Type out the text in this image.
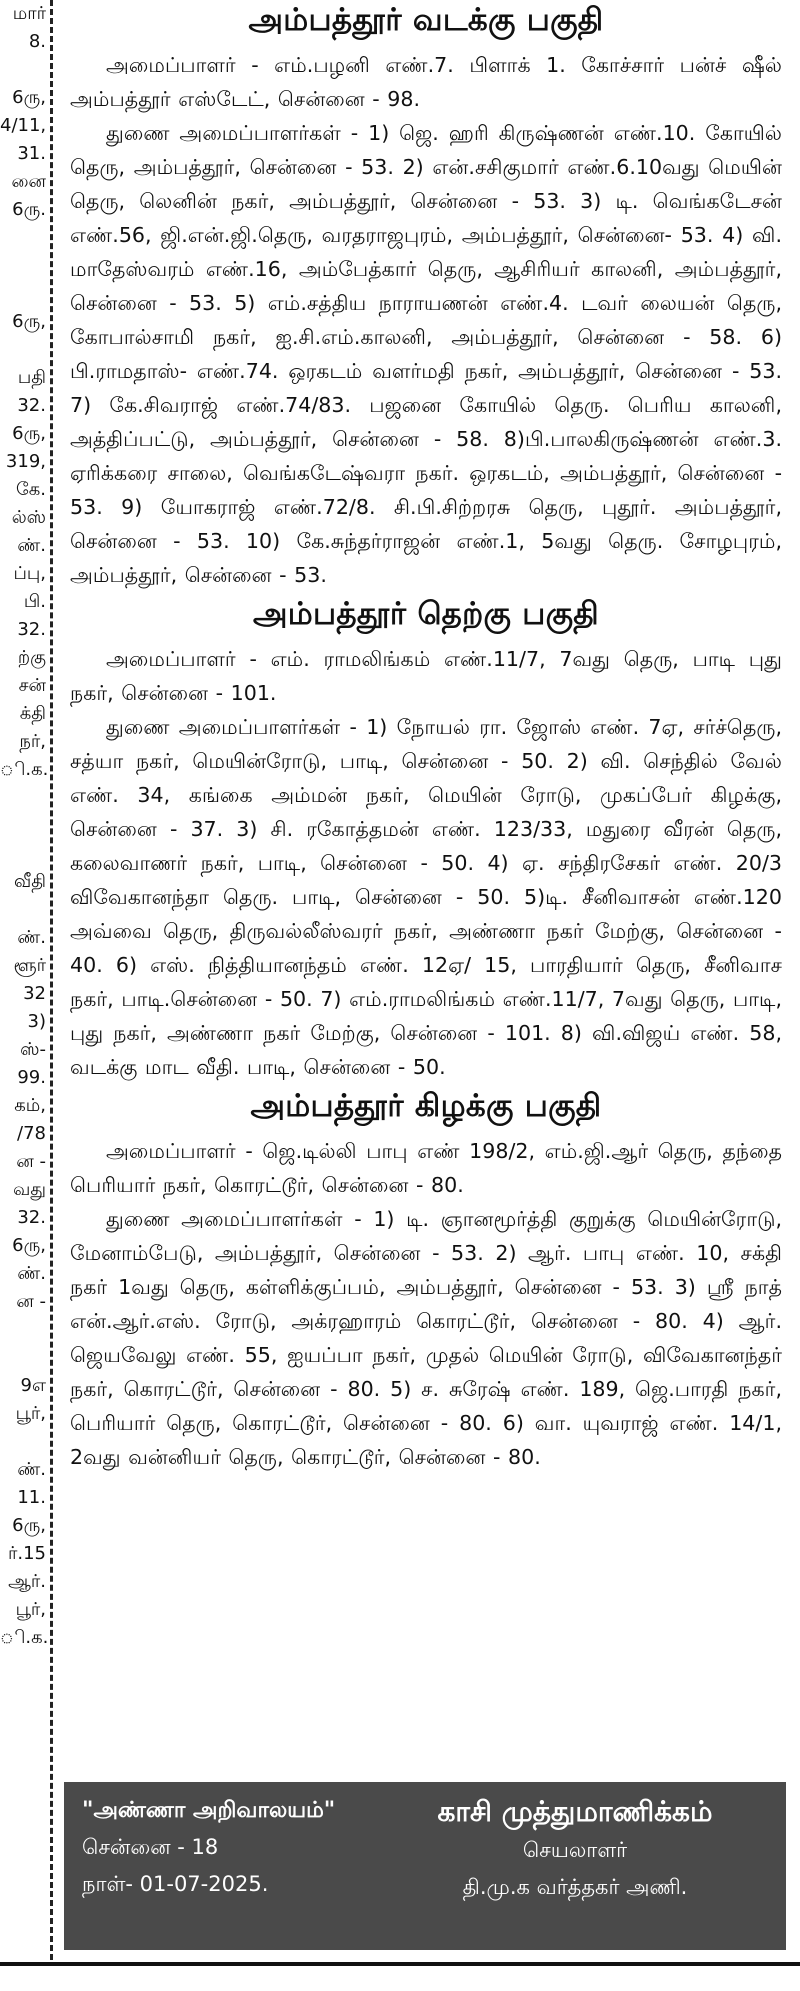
மார்
8.
6ரு,
4/11,
31.
னை
6ரு.
6ரு,
பதி
32.
6ரு,
319,
கே.
ல்ஸ்
ண்.
ப்பு,
பி.
32.
ற்கு
சன்
க்தி
நர்,
ி.க.
வீதி
ண்.
ளூர்
32
3)
ஸ்-
99.
கம்,
/78
ன -
வது
32.
6ரு,
ண்.
ன -
9எ
பூர்,
ண்.
11.
6ரு,
ர்.15
ஆர்.
பூர்,
ி.க.
அம்பத்தூர் வடக்கு பகுதி

அமைப்பாளர் - எம்.பழனி எண்.7. பிளாக் 1. கோச்சார் பன்ச் ஷீல் அம்பத்தூர் எஸ்டேட், சென்னை - 98.

துணை அமைப்பாளர்கள் - 1) ஜெ. ஹரி கிருஷ்ணன் எண்.10. கோயில் தெரு, அம்பத்தூர், சென்னை - 53. 2) என்.சசிகுமார் எண்.6.10வது மெயின் தெரு, லெனின் நகர், அம்பத்தூர், சென்னை - 53. 3) டி. வெங்கடேசன் எண்.56, ஜி.என்.ஜி.தெரு, வரதராஜபுரம், அம்பத்தூர், சென்னை- 53. 4) வி. மாதேஸ்வரம் எண்.16, அம்பேத்கார் தெரு, ஆசிரியர் காலனி, அம்பத்தூர், சென்னை - 53. 5) எம்.சத்திய நாராயணன் எண்.4. டவர் லையன் தெரு, கோபால்சாமி நகர், ஐ.சி.எம்.காலனி, அம்பத்தூர், சென்னை - 58. 6) பி.ராமதாஸ்- எண்.74. ஒரகடம் வளர்மதி நகர், அம்பத்தூர், சென்னை - 53. 7) கே.சிவராஜ் எண்.74/83. பஜனை கோயில் தெரு. பெரிய காலனி, அத்திப்பட்டு, அம்பத்தூர், சென்னை - 58. 8)பி.பாலகிருஷ்ணன் எண்.3. ஏரிக்கரை சாலை, வெங்கடேஷ்வரா நகர். ஒரகடம், அம்பத்தூர், சென்னை - 53. 9) யோகராஜ் எண்.72/8. சி.பி.சிற்றரசு தெரு, புதூர். அம்பத்தூர், சென்னை - 53. 10) கே.சுந்தர்ராஜன் எண்.1, 5வது தெரு. சோழபுரம், அம்பத்தூர், சென்னை - 53.

அம்பத்தூர் தெற்கு பகுதி

அமைப்பாளர் - எம். ராமலிங்கம் எண்.11/7, 7வது தெரு, பாடி புது நகர், சென்னை - 101.

துணை அமைப்பாளர்கள் - 1) நோயல் ரா. ஜோஸ் எண். 7ஏ, சர்ச்தெரு, சத்யா நகர், மெயின்ரோடு, பாடி, சென்னை - 50. 2) வி. செந்தில் வேல் எண். 34, கங்கை அம்மன் நகர், மெயின் ரோடு, முகப்பேர் கிழக்கு, சென்னை - 37. 3) சி. ரகோத்தமன் எண். 123/33, மதுரை வீரன் தெரு, கலைவாணர் நகர், பாடி, சென்னை - 50. 4) ஏ. சந்திரசேகர் எண். 20/3 விவேகானந்தா தெரு. பாடி, சென்னை - 50. 5)டி. சீனிவாசன் எண்.120 அவ்வை தெரு, திருவல்லீஸ்வரர் நகர், அண்ணா நகர் மேற்கு, சென்னை - 40. 6) எஸ். நித்தியானந்தம் எண். 12ஏ/ 15, பாரதியார் தெரு, சீனிவாச நகர், பாடி.சென்னை - 50. 7) எம்.ராமலிங்கம் எண்.11/7, 7வது தெரு, பாடி, புது நகர், அண்ணா நகர் மேற்கு, சென்னை - 101. 8) வி.விஜய் எண். 58, வடக்கு மாட வீதி. பாடி, சென்னை - 50.

அம்பத்தூர் கிழக்கு பகுதி

அமைப்பாளர் - ஜெ.டில்லி பாபு எண் 198/2, எம்.ஜி.ஆர் தெரு, தந்தை பெரியார் நகர், கொரட்டூர், சென்னை - 80.

துணை அமைப்பாளர்கள் - 1) டி. ஞானமூர்த்தி குறுக்கு மெயின்ரோடு, மேனாம்பேடு, அம்பத்தூர், சென்னை - 53. 2) ஆர். பாபு எண். 10, சக்தி நகர் 1வது தெரு, கள்ளிக்குப்பம், அம்பத்தூர், சென்னை - 53. 3) ஸ்ரீ நாத் என்.ஆர்.எஸ். ரோடு, அக்ரஹாரம் கொரட்டூர், சென்னை - 80. 4) ஆர். ஜெயவேலு எண். 55, ஐயப்பா நகர், முதல் மெயின் ரோடு, விவேகானந்தர் நகர், கொரட்டூர், சென்னை - 80. 5) ச. சுரேஷ் எண். 189, ஜெ.பாரதி நகர், பெரியார் தெரு, கொரட்டூர், சென்னை - 80. 6) வா. யுவராஜ் எண். 14/1, 2வது வன்னியர் தெரு, கொரட்டூர், சென்னை - 80.

"அண்ணா அறிவாலயம்"
சென்னை - 18
நாள்- 01-07-2025.
காசி முத்துமாணிக்கம்
செயலாளர்
தி.மு.க வர்த்தகர் அணி.
